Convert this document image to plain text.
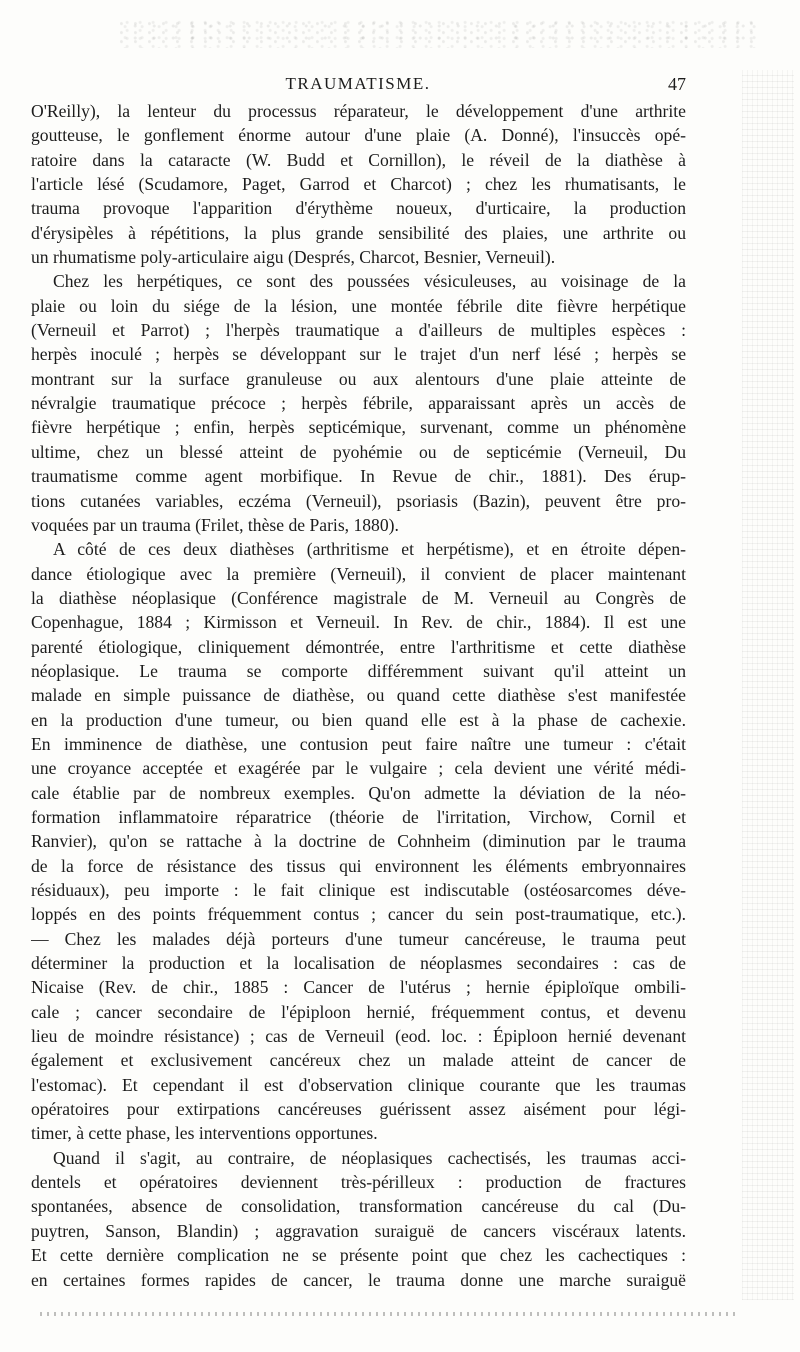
TRAUMATISME.	47
O'Reilly), la lenteur du processus réparateur, le développement d'une arthrite
goutteuse, le gonflement énorme autour d'une plaie (A. Donné), l'insuccès opé-
ratoire dans la cataracte (W. Budd et Cornillon), le réveil de la diathèse à
l'article lésé (Scudamore, Paget, Garrod et Charcot) ; chez les rhumatisants, le
trauma provoque l'apparition d'érythème noueux, d'urticaire, la production
d'érysipèles à répétitions, la plus grande sensibilité des plaies, une arthrite ou
un rhumatisme poly-articulaire aigu (Després, Charcot, Besnier, Verneuil).
Chez les herpétiques, ce sont des poussées vésiculeuses, au voisinage de la
plaie ou loin du siége de la lésion, une montée fébrile dite fièvre herpétique
(Verneuil et Parrot) ; l'herpès traumatique a d'ailleurs de multiples espèces :
herpès inoculé ; herpès se développant sur le trajet d'un nerf lésé ; herpès se
montrant sur la surface granuleuse ou aux alentours d'une plaie atteinte de
névralgie traumatique précoce ; herpès fébrile, apparaissant après un accès de
fièvre herpétique ; enfin, herpès septicémique, survenant, comme un phénomène
ultime, chez un blessé atteint de pyohémie ou de septicémie (Verneuil, Du
traumatisme comme agent morbifique. In Revue de chir., 1881). Des érup-
tions cutanées variables, eczéma (Verneuil), psoriasis (Bazin), peuvent être pro-
voquées par un trauma (Frilet, thèse de Paris, 1880).
A côté de ces deux diathèses (arthritisme et herpétisme), et en étroite dépen-
dance étiologique avec la première (Verneuil), il convient de placer maintenant
la diathèse néoplasique (Conférence magistrale de M. Verneuil au Congrès de
Copenhague, 1884 ; Kirmisson et Verneuil. In Rev. de chir., 1884). Il est une
parenté étiologique, cliniquement démontrée, entre l'arthritisme et cette diathèse
néoplasique. Le trauma se comporte différemment suivant qu'il atteint un
malade en simple puissance de diathèse, ou quand cette diathèse s'est manifestée
en la production d'une tumeur, ou bien quand elle est à la phase de cachexie.
En imminence de diathèse, une contusion peut faire naître une tumeur : c'était
une croyance acceptée et exagérée par le vulgaire ; cela devient une vérité médi-
cale établie par de nombreux exemples. Qu'on admette la déviation de la néo-
formation inflammatoire réparatrice (théorie de l'irritation, Virchow, Cornil et
Ranvier), qu'on se rattache à la doctrine de Cohnheim (diminution par le trauma
de la force de résistance des tissus qui environnent les éléments embryonnaires
résiduaux), peu importe : le fait clinique est indiscutable (ostéosarcomes déve-
loppés en des points fréquemment contus ; cancer du sein post-traumatique, etc.).
— Chez les malades déjà porteurs d'une tumeur cancéreuse, le trauma peut
déterminer la production et la localisation de néoplasmes secondaires : cas de
Nicaise (Rev. de chir., 1885 : Cancer de l'utérus ; hernie épiploïque ombili-
cale ; cancer secondaire de l'épiploon hernié, fréquemment contus, et devenu
lieu de moindre résistance) ; cas de Verneuil (eod. loc. : Épiploon hernié devenant
également et exclusivement cancéreux chez un malade atteint de cancer de
l'estomac). Et cependant il est d'observation clinique courante que les traumas
opératoires pour extirpations cancéreuses guérissent assez aisément pour légi-
timer, à cette phase, les interventions opportunes.
Quand il s'agit, au contraire, de néoplasiques cachectisés, les traumas acci-
dentels et opératoires deviennent très-périlleux : production de fractures
spontanées, absence de consolidation, transformation cancéreuse du cal (Du-
puytren, Sanson, Blandin) ; aggravation suraiguë de cancers viscéraux latents.
Et cette dernière complication ne se présente point que chez les cachectiques :
en certaines formes rapides de cancer, le trauma donne une marche suraiguë
